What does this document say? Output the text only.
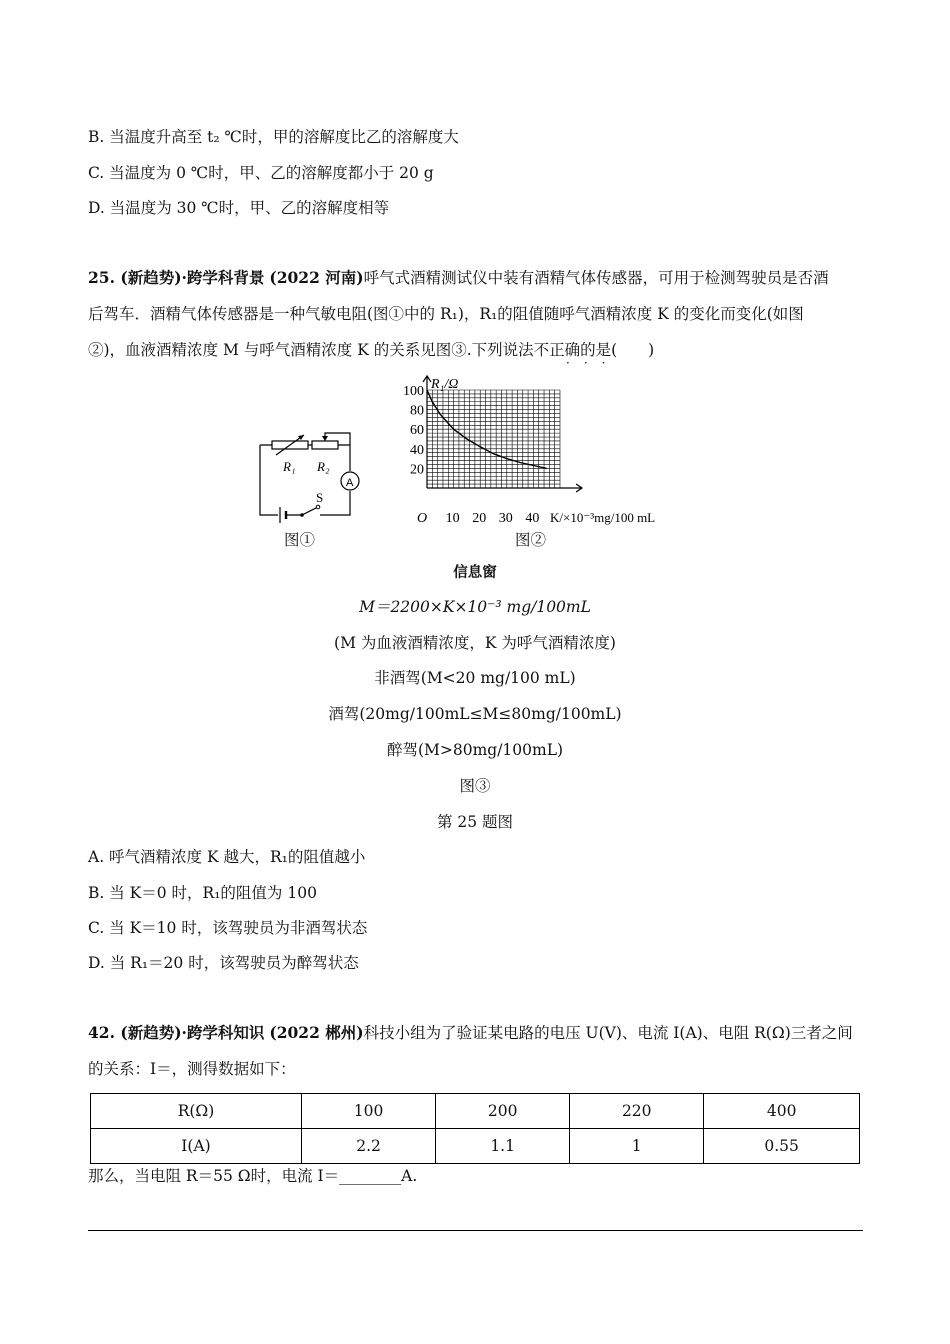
B. 当温度升高至 t₂ ℃时，甲的溶解度比乙的溶解度大
C. 当温度为 0 ℃时，甲、乙的溶解度都小于 20 g
D. 当温度为 30 ℃时，甲、乙的溶解度相等
25. (新趋势)·跨学科背景 (2022 河南)呼气式酒精测试仪中装有酒精气体传感器，可用于检测驾驶员是否酒
后驾车．酒精气体传感器是一种气敏电阻(图①中的 R₁)，R₁的阻值随呼气酒精浓度 K 的变化而变化(如图
②)，血液酒精浓度 M 与呼气酒精浓度 K 的关系见图③.下列说法不正确的是(　　)
···
R₁ R₂
A
S
图①
10 20 30 40
100
80
60
40
20
R₁/Ω
K/×10⁻³mg/100 mL
O
图②
信息窗
M＝2200×K×10⁻³ mg/100mL
(M 为血液酒精浓度，K 为呼气酒精浓度)
非酒驾(M<20 mg/100 mL)
酒驾(20mg/100mL≤M≤80mg/100mL)
醉驾(M>80mg/100mL)
图③
第 25 题图
A. 呼气酒精浓度 K 越大，R₁的阻值越小
B. 当 K＝0 时，R₁的阻值为 100
C. 当 K＝10 时，该驾驶员为非酒驾状态
D. 当 R₁＝20 时，该驾驶员为醉驾状态
42. (新趋势)·跨学科知识 (2022 郴州)科技小组为了验证某电路的电压 U(V)、电流 I(A)、电阻 R(Ω)三者之间
的关系：I＝，测得数据如下：
R(Ω)	100	200	220	400
I(A)	2.2	1.1	1	0.55
那么，当电阻 R＝55 Ω时，电流 I＝________A.
